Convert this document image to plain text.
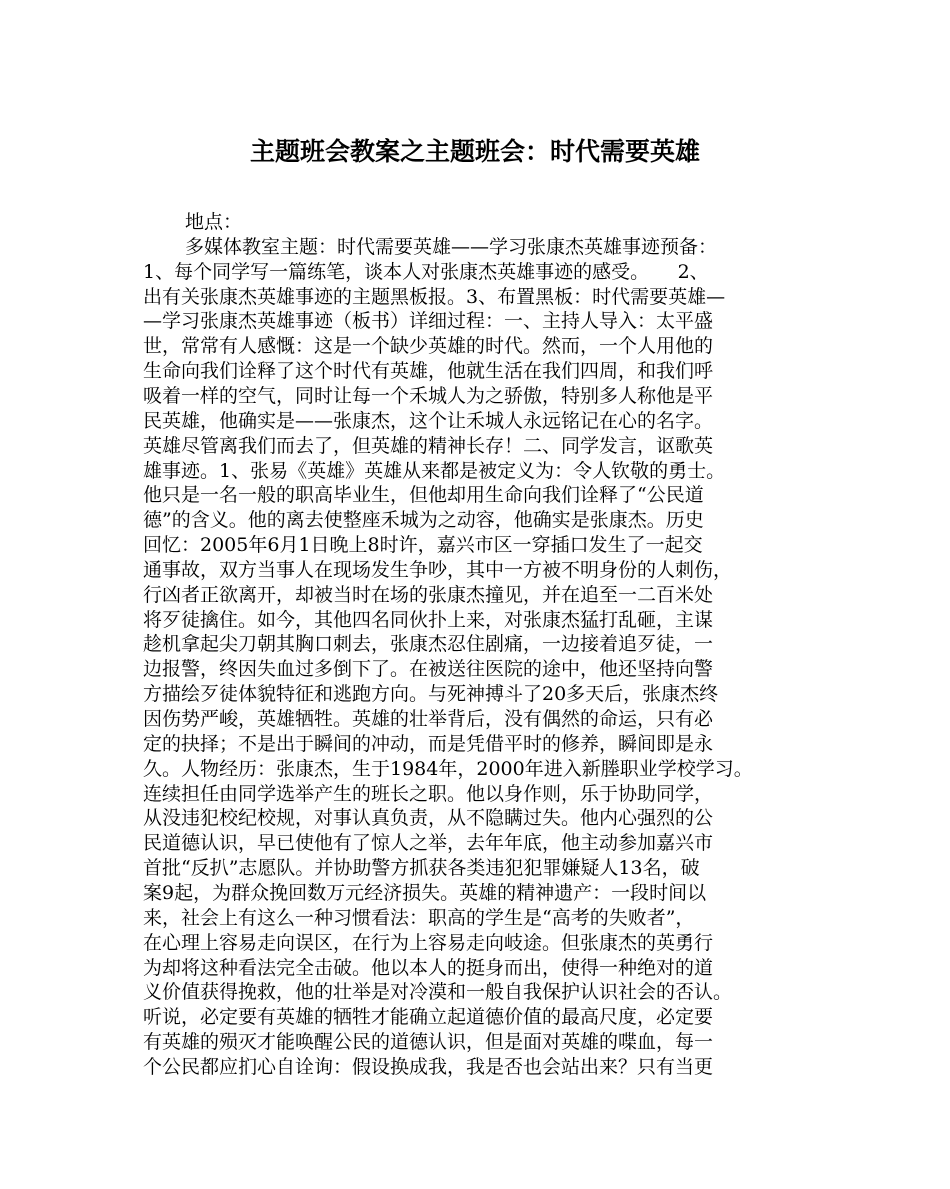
主题班会教案之主题班会：时代需要英雄
地点：
多媒体教室主题：时代需要英雄——学习张康杰英雄事迹预备：
1、每个同学写一篇练笔，谈本人对张康杰英雄事迹的感受。　　2、
出有关张康杰英雄事迹的主题黑板报。3、布置黑板：时代需要英雄—
—学习张康杰英雄事迹（板书）详细过程：一、主持人导入：太平盛
世，常常有人感慨：这是一个缺少英雄的时代。然而，一个人用他的
生命向我们诠释了这个时代有英雄，他就生活在我们四周，和我们呼
吸着一样的空气，同时让每一个禾城人为之骄傲，特别多人称他是平
民英雄，他确实是——张康杰，这个让禾城人永远铭记在心的名字。
英雄尽管离我们而去了，但英雄的精神长存！二、同学发言，讴歌英
雄事迹。1、张易《英雄》英雄从来都是被定义为：令人钦敬的勇士。
他只是一名一般的职高毕业生，但他却用生命向我们诠释了“公民道
德”的含义。他的离去使整座禾城为之动容，他确实是张康杰。历史
回忆：2005年6月1日晚上8时许，嘉兴市区一穿插口发生了一起交
通事故，双方当事人在现场发生争吵，其中一方被不明身份的人刺伤，
行凶者正欲离开，却被当时在场的张康杰撞见，并在追至一二百米处
将歹徒擒住。如今，其他四名同伙扑上来，对张康杰猛打乱砸，主谋
趁机拿起尖刀朝其胸口刺去，张康杰忍住剧痛，一边接着追歹徒，一
边报警，终因失血过多倒下了。在被送往医院的途中，他还坚持向警
方描绘歹徒体貌特征和逃跑方向。与死神搏斗了20多天后，张康杰终
因伤势严峻，英雄牺牲。英雄的壮举背后，没有偶然的命运，只有必
定的抉择；不是出于瞬间的冲动，而是凭借平时的修养，瞬间即是永
久。人物经历：张康杰，生于1984年，2000年进入新塍职业学校学习。
连续担任由同学选举产生的班长之职。他以身作则，乐于协助同学，
从没违犯校纪校规，对事认真负责，从不隐瞒过失。他内心强烈的公
民道德认识，早已使他有了惊人之举，去年年底，他主动参加嘉兴市
首批“反扒”志愿队。并协助警方抓获各类违犯犯罪嫌疑人13名，破
案9起，为群众挽回数万元经济损失。英雄的精神遗产：一段时间以
来，社会上有这么一种习惯看法：职高的学生是“高考的失败者”，
在心理上容易走向误区，在行为上容易走向岐途。但张康杰的英勇行
为却将这种看法完全击破。他以本人的挺身而出，使得一种绝对的道
义价值获得挽救，他的壮举是对冷漠和一般自我保护认识社会的否认。
听说，必定要有英雄的牺牲才能确立起道德价值的最高尺度，必定要
有英雄的殒灭才能唤醒公民的道德认识，但是面对英雄的喋血，每一
个公民都应扪心自诠询：假设换成我，我是否也会站出来？只有当更
